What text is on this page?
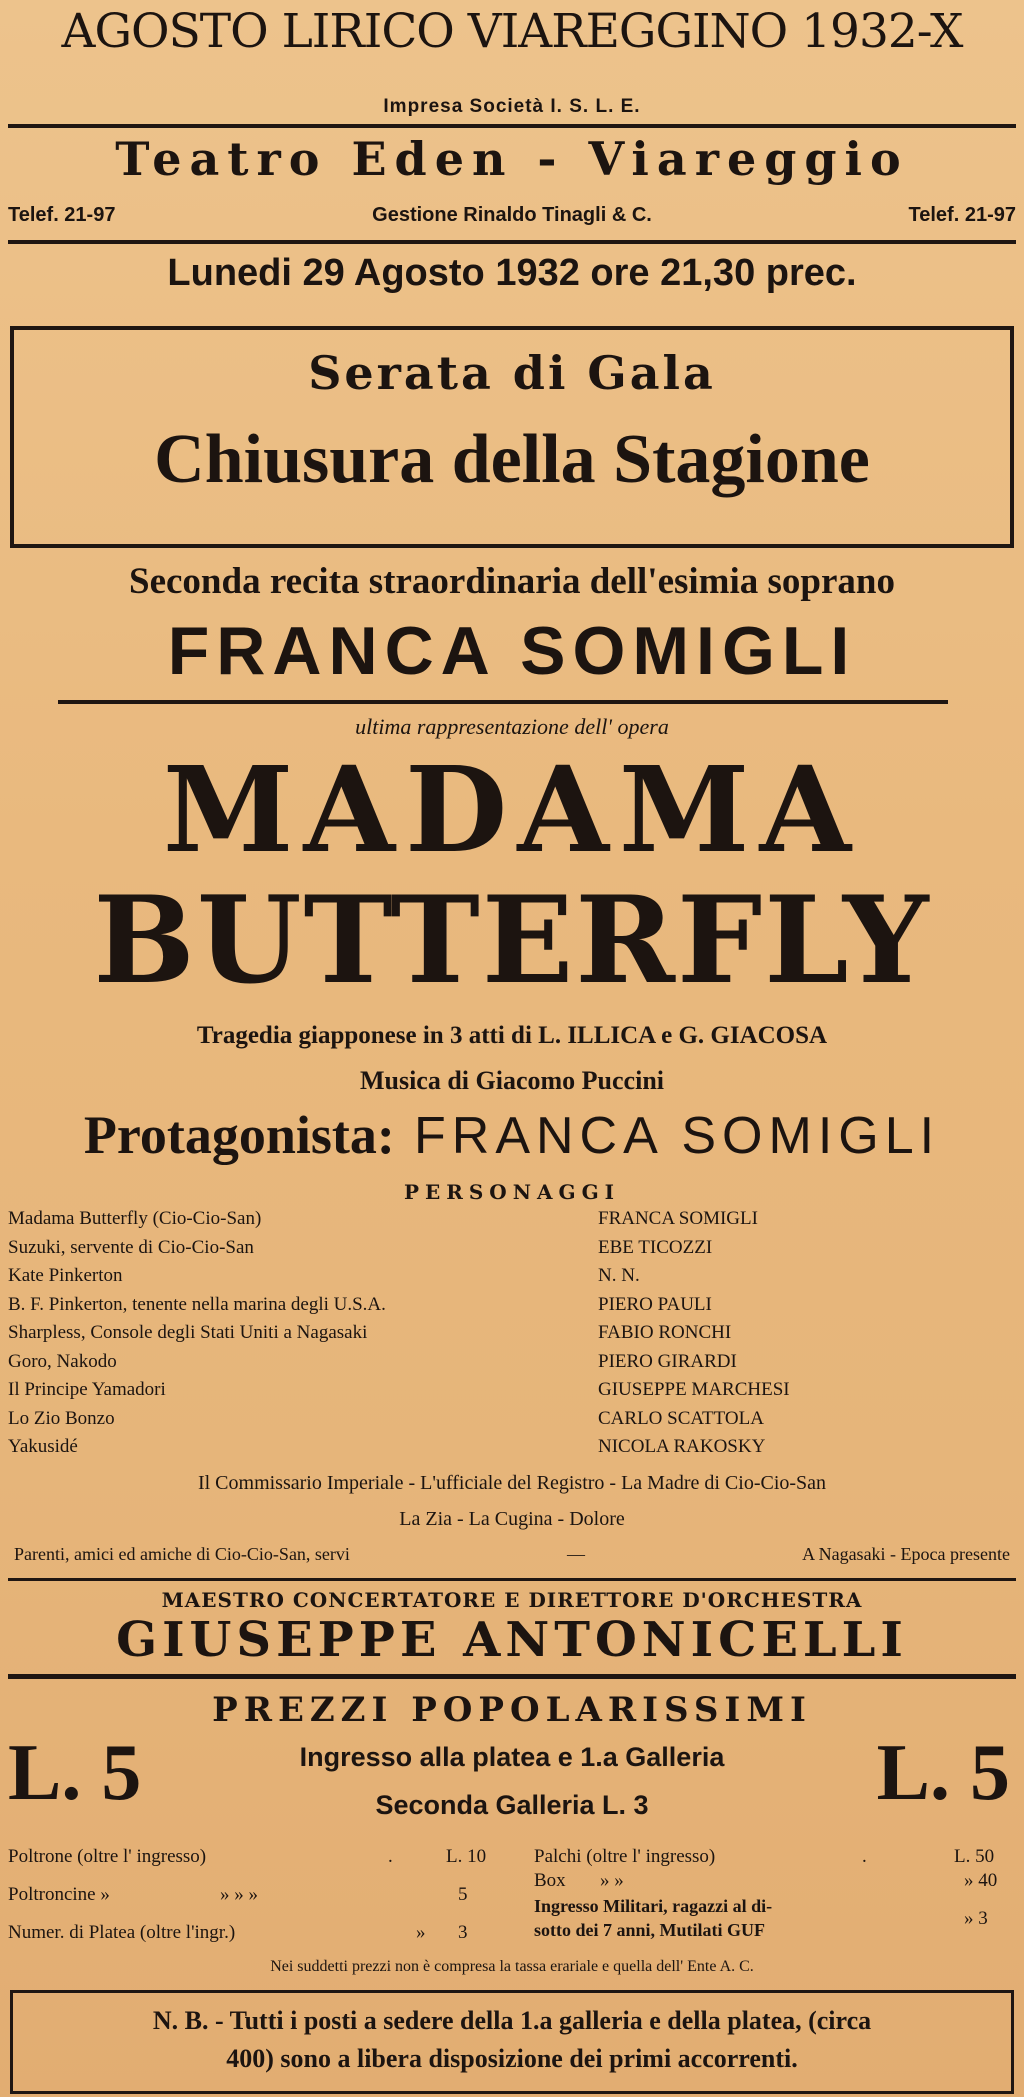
AGOSTO LIRICO VIAREGGINO 1932-X
Impresa Società I. S. L. E.
Teatro Eden - Viareggio
Telef. 21-97	Gestione Rinaldo Tinagli & C.	Telef. 21-97
Lunedi 29 Agosto 1932 ore 21,30 prec.
Serata di Gala
Chiusura della Stagione
Seconda recita straordinaria dell'esimia soprano
FRANCA SOMIGLI
ultima rappresentazione dell' opera
MADAMA
BUTTERFLY
Tragedia giapponese in 3 atti di L. ILLICA e G. GIACOSA
Musica di Giacomo Puccini
Protagonista: FRANCA SOMIGLI
PERSONAGGI
Madama Butterfly (Cio-Cio-San)	FRANCA SOMIGLI
Suzuki, servente di Cio-Cio-San	EBE TICOZZI
Kate Pinkerton	N. N.
B. F. Pinkerton, tenente nella marina degli U.S.A.	PIERO PAULI
Sharpless, Console degli Stati Uniti a Nagasaki	FABIO RONCHI
Goro, Nakodo	PIERO GIRARDI
Il Principe Yamadori	GIUSEPPE MARCHESI
Lo Zio Bonzo	CARLO SCATTOLA
Yakusidé	NICOLA RAKOSKY
Il Commissario Imperiale - L'ufficiale del Registro - La Madre di Cio-Cio-San
La Zia - La Cugina - Dolore
Parenti, amici ed amiche di Cio-Cio-San, servi	—	A Nagasaki - Epoca presente
MAESTRO CONCERTATORE E DIRETTORE D'ORCHESTRA
GIUSEPPE ANTONICELLI
PREZZI POPOLARISSIMI
L. 5	L. 5
Ingresso alla platea e 1.a Galleria
Seconda Galleria L. 3
Poltrone (oltre l' ingresso)	.	L. 10
Poltroncine »	» » »	5
Numer. di Platea (oltre l'ingr.)	» 3
Palchi (oltre l' ingresso)	.	L. 50
Box » »	» 40
Ingresso Militari, ragazzi al di-
sotto dei 7 anni, Mutilati GUF
» 3
Nei suddetti prezzi non è compresa la tassa erariale e quella dell' Ente A. C.
N. B. - Tutti i posti a sedere della 1.a galleria e della platea, (circa
400) sono a libera disposizione dei primi accorrenti.
